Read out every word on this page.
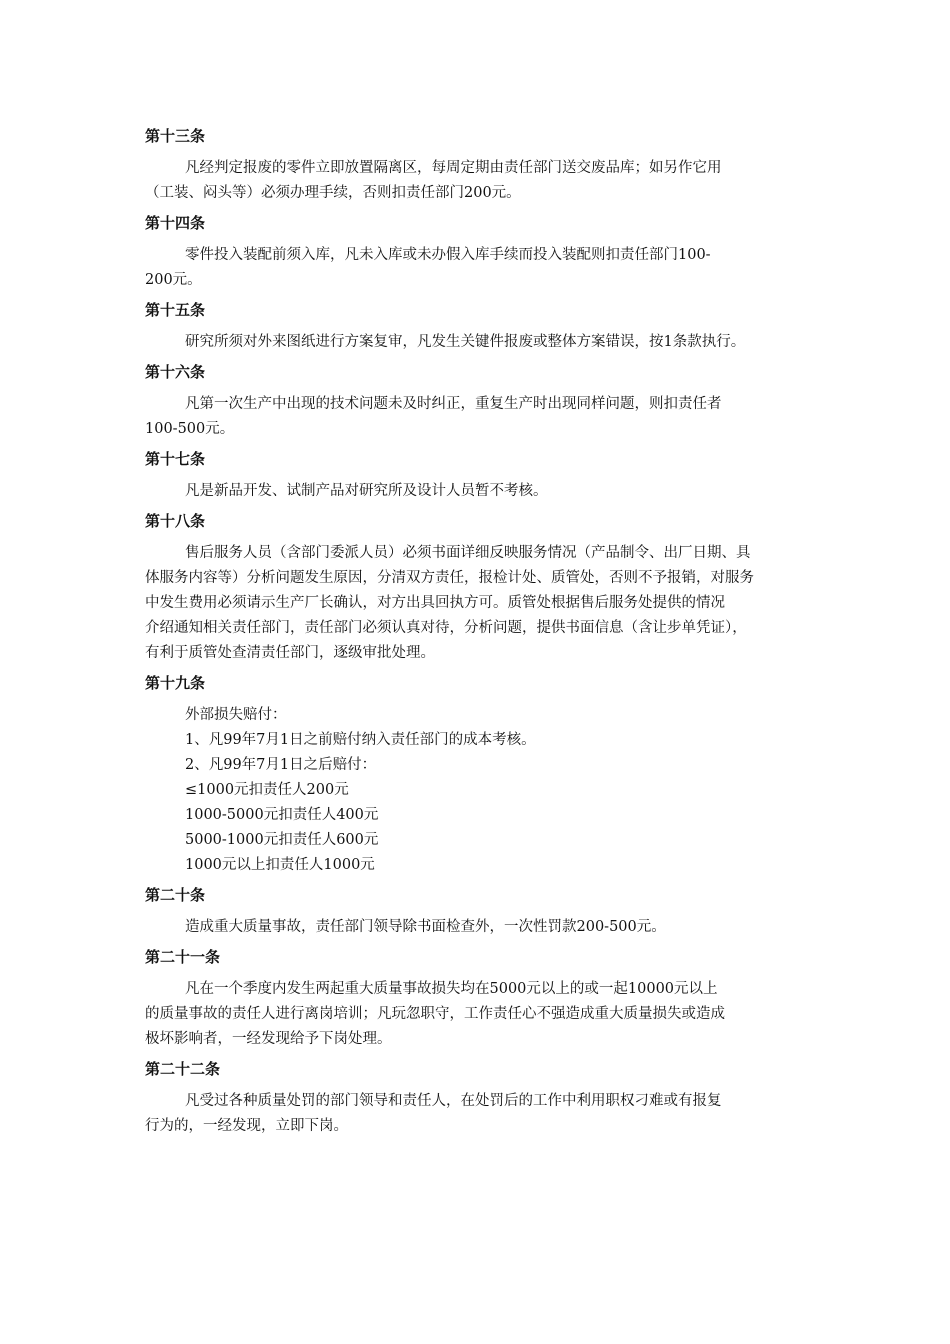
第十三条

凡经判定报废的零件立即放置隔离区，每周定期由责任部门送交废品库；如另作它用
（工装、闷头等）必须办理手续，否则扣责任部门200元。

第十四条

零件投入装配前须入库，凡未入库或未办假入库手续而投入装配则扣责任部门100-
200元。

第十五条

研究所须对外来图纸进行方案复审，凡发生关键件报废或整体方案错误，按1条款执行。

第十六条

凡第一次生产中出现的技术问题未及时纠正，重复生产时出现同样问题，则扣责任者
100-500元。

第十七条

凡是新品开发、试制产品对研究所及设计人员暂不考核。

第十八条

售后服务人员（含部门委派人员）必须书面详细反映服务情况（产品制令、出厂日期、具
体服务内容等）分析问题发生原因，分清双方责任，报检计处、质管处，否则不予报销，对服务
中发生费用必须请示生产厂长确认，对方出具回执方可。质管处根据售后服务处提供的情况
介绍通知相关责任部门，责任部门必须认真对待，分析问题，提供书面信息（含让步单凭证），
有利于质管处查清责任部门，逐级审批处理。

第十九条

外部损失赔付：
1、凡99年7月1日之前赔付纳入责任部门的成本考核。
2、凡99年7月1日之后赔付：
≤1000元扣责任人200元
1000-5000元扣责任人400元
5000-1000元扣责任人600元
1000元以上扣责任人1000元

第二十条

造成重大质量事故，责任部门领导除书面检查外，一次性罚款200-500元。

第二十一条

凡在一个季度内发生两起重大质量事故损失均在5000元以上的或一起10000元以上
的质量事故的责任人进行离岗培训；凡玩忽职守，工作责任心不强造成重大质量损失或造成
极坏影响者，一经发现给予下岗处理。

第二十二条

凡受过各种质量处罚的部门领导和责任人，在处罚后的工作中利用职权刁难或有报复
行为的，一经发现，立即下岗。
